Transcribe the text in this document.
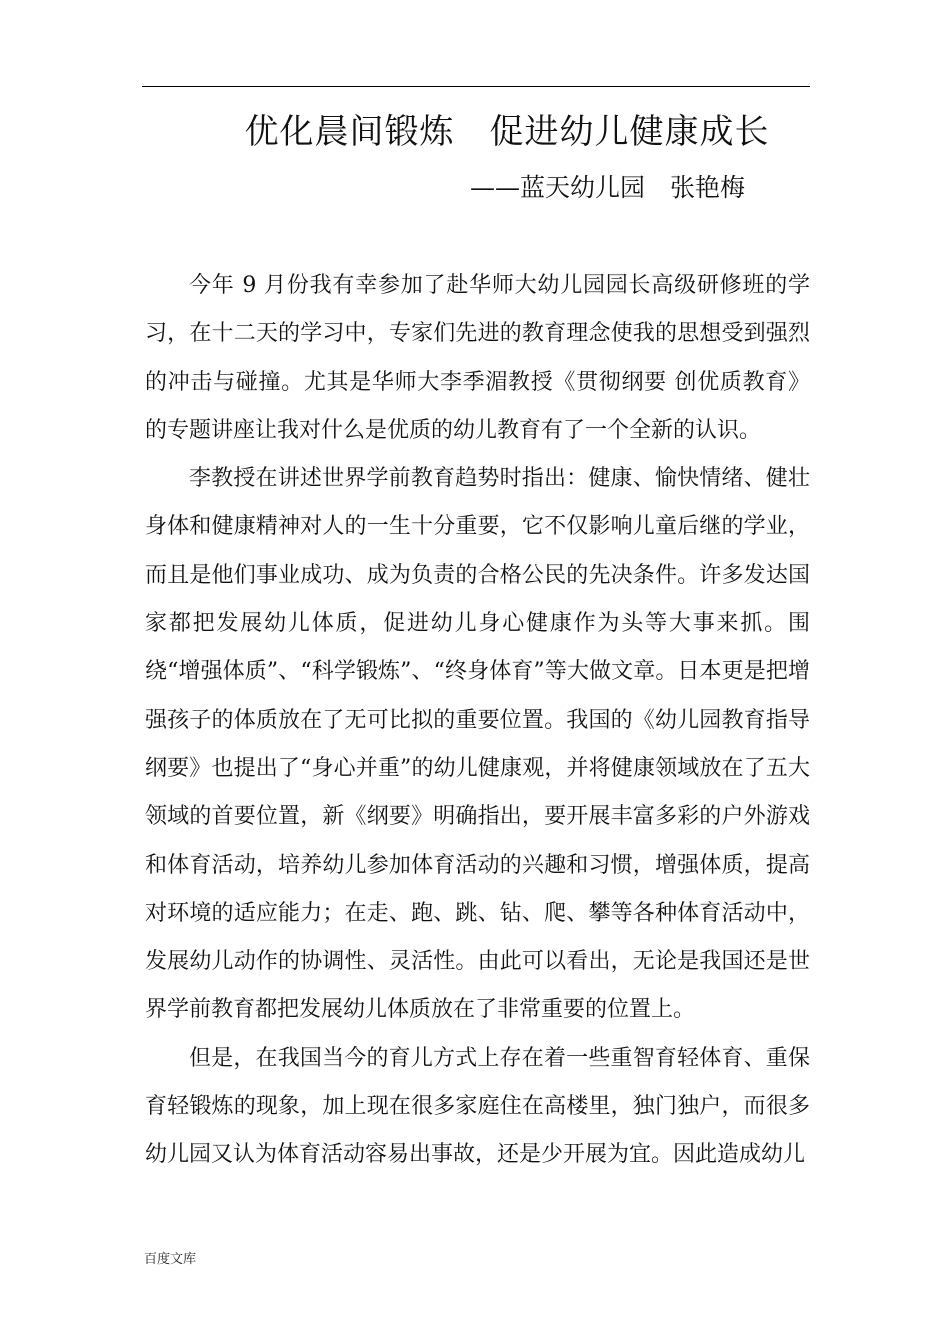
优化晨间锻炼　促进幼儿健康成长
——蓝天幼儿园　张艳梅

今年 9 月份我有幸参加了赴华师大幼儿园园长高级研修班的学习，在十二天的学习中，专家们先进的教育理念使我的思想受到强烈的冲击与碰撞。尤其是华师大李季湄教授《贯彻纲要 创优质教育》的专题讲座让我对什么是优质的幼儿教育有了一个全新的认识。

李教授在讲述世界学前教育趋势时指出：健康、愉快情绪、健壮身体和健康精神对人的一生十分重要，它不仅影响儿童后继的学业，而且是他们事业成功、成为负责的合格公民的先决条件。许多发达国家都把发展幼儿体质，促进幼儿身心健康作为头等大事来抓。围绕“增强体质”、“科学锻炼”、“终身体育”等大做文章。日本更是把增强孩子的体质放在了无可比拟的重要位置。我国的《幼儿园教育指导纲要》也提出了“身心并重”的幼儿健康观，并将健康领域放在了五大领域的首要位置，新《纲要》明确指出，要开展丰富多彩的户外游戏和体育活动，培养幼儿参加体育活动的兴趣和习惯，增强体质，提高对环境的适应能力；在走、跑、跳、钻、爬、攀等各种体育活动中，发展幼儿动作的协调性、灵活性。由此可以看出，无论是我国还是世界学前教育都把发展幼儿体质放在了非常重要的位置上。

但是，在我国当今的育儿方式上存在着一些重智育轻体育、重保育轻锻炼的现象，加上现在很多家庭住在高楼里，独门独户，而很多幼儿园又认为体育活动容易出事故，还是少开展为宜。因此造成幼儿

百度文库
